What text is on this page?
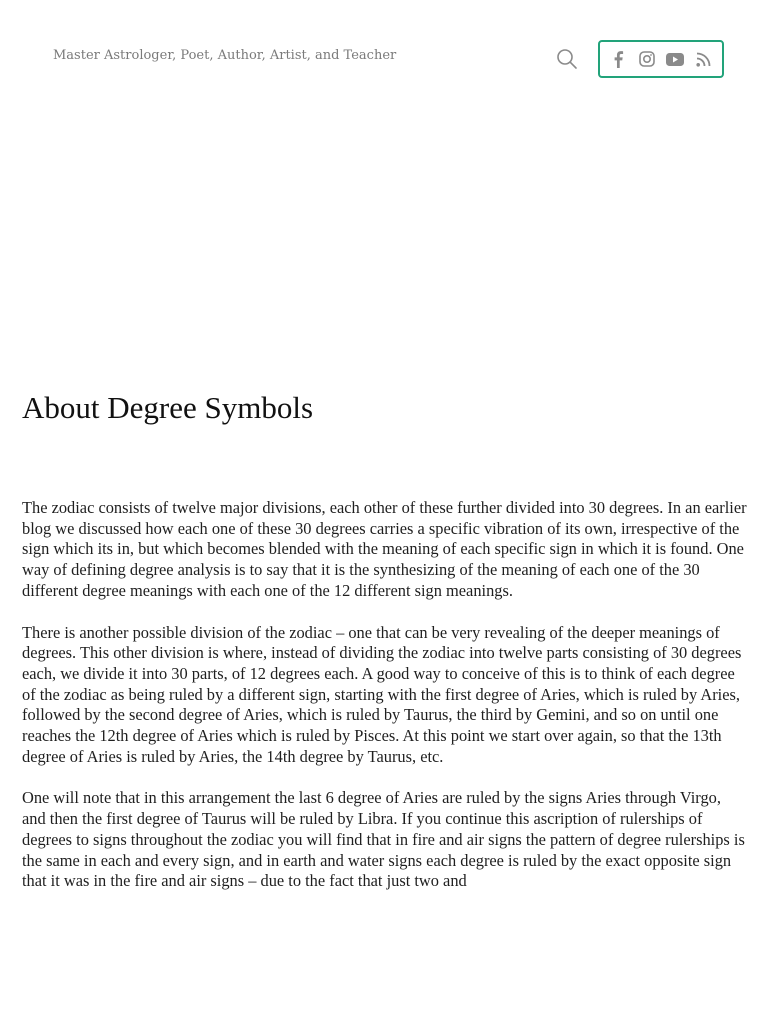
Master Astrologer, Poet, Author, Artist, and Teacher
About Degree Symbols

The zodiac consists of twelve major divisions, each other of these further divided into 30 degrees. In an earlier blog we discussed how each one of these 30 degrees carries a specific vibration of its own, irrespective of the sign which its in, but which becomes blended with the meaning of each specific sign in which it is found. One way of defining degree analysis is to say that it is the synthesizing of the meaning of each one of the 30 different degree meanings with each one of the 12 different sign meanings.

There is another possible division of the zodiac – one that can be very revealing of the deeper meanings of degrees. This other division is where, instead of dividing the zodiac into twelve parts consisting of 30 degrees each, we divide it into 30 parts, of 12 degrees each. A good way to conceive of this is to think of each degree of the zodiac as being ruled by a different sign, starting with the first degree of Aries, which is ruled by Aries, followed by the second degree of Aries, which is ruled by Taurus, the third by Gemini, and so on until one reaches the 12th degree of Aries which is ruled by Pisces. At this point we start over again, so that the 13th degree of Aries is ruled by Aries, the 14th degree by Taurus, etc.

One will note that in this arrangement the last 6 degree of Aries are ruled by the signs Aries through Virgo, and then the first degree of Taurus will be ruled by Libra. If you continue this ascription of rulerships of degrees to signs throughout the zodiac you will find that in fire and air signs the pattern of degree rulerships is the same in each and every sign, and in earth and water signs each degree is ruled by the exact opposite sign that it was in the fire and air signs – due to the fact that just two and
